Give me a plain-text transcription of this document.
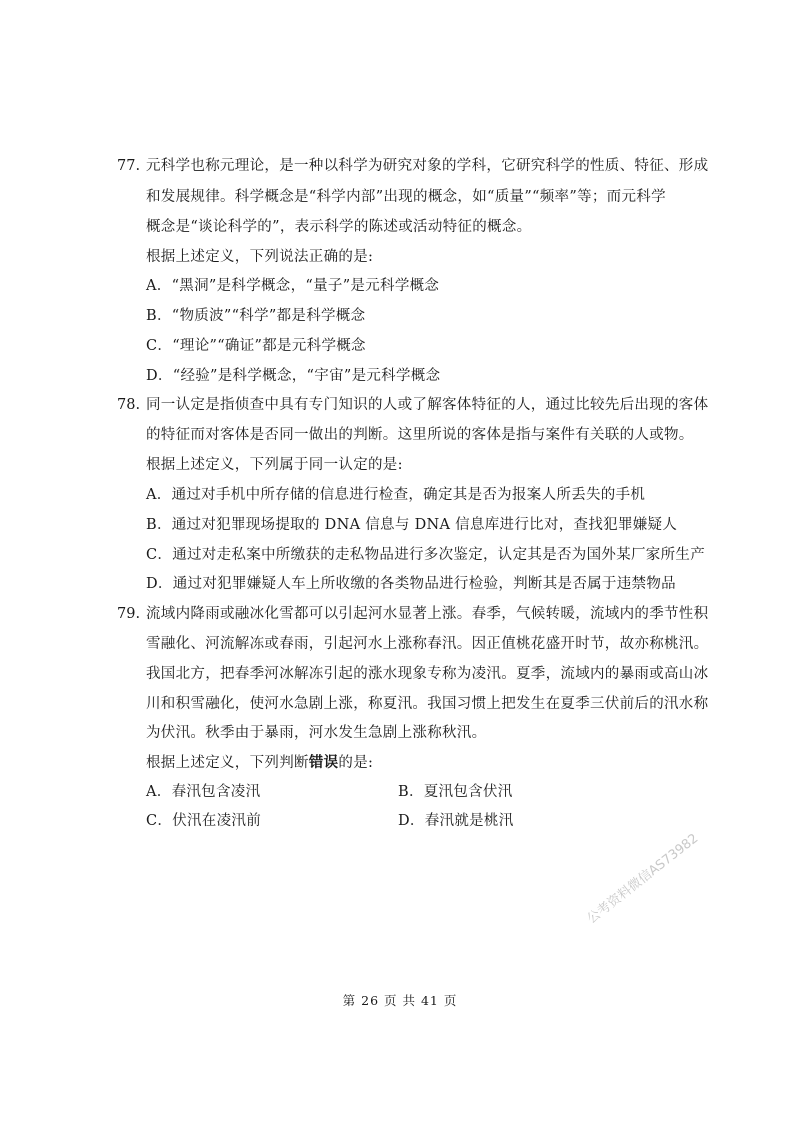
77. 元科学也称元理论，是一种以科学为研究对象的学科，它研究科学的性质、特征、形成
和发展规律。科学概念是“科学内部”出现的概念，如“质量”“频率”等；而元科学
概念是“谈论科学的”，表示科学的陈述或活动特征的概念。
根据上述定义，下列说法正确的是:
A．“黑洞”是科学概念，“量子”是元科学概念
B．“物质波”“科学”都是科学概念
C．“理论”“确证”都是元科学概念
D．“经验”是科学概念，“宇宙”是元科学概念
78. 同一认定是指侦查中具有专门知识的人或了解客体特征的人，通过比较先后出现的客体
的特征而对客体是否同一做出的判断。这里所说的客体是指与案件有关联的人或物。
根据上述定义，下列属于同一认定的是:
A．通过对手机中所存储的信息进行检查，确定其是否为报案人所丢失的手机
B．通过对犯罪现场提取的 DNA 信息与 DNA 信息库进行比对，查找犯罪嫌疑人
C．通过对走私案中所缴获的走私物品进行多次鉴定，认定其是否为国外某厂家所生产
D．通过对犯罪嫌疑人车上所收缴的各类物品进行检验，判断其是否属于违禁物品
79. 流域内降雨或融冰化雪都可以引起河水显著上涨。春季，气候转暖，流域内的季节性积
雪融化、河流解冻或春雨，引起河水上涨称春汛。因正值桃花盛开时节，故亦称桃汛。
我国北方，把春季河冰解冻引起的涨水现象专称为凌汛。夏季，流域内的暴雨或高山冰
川和积雪融化，使河水急剧上涨，称夏汛。我国习惯上把发生在夏季三伏前后的汛水称
为伏汛。秋季由于暴雨，河水发生急剧上涨称秋汛。
根据上述定义，下列判断错误的是:
A．春汛包含凌汛	B．夏汛包含伏汛
C．伏汛在凌汛前	D．春汛就是桃汛
公考资料微信AS73982
第 26 页 共 41 页
